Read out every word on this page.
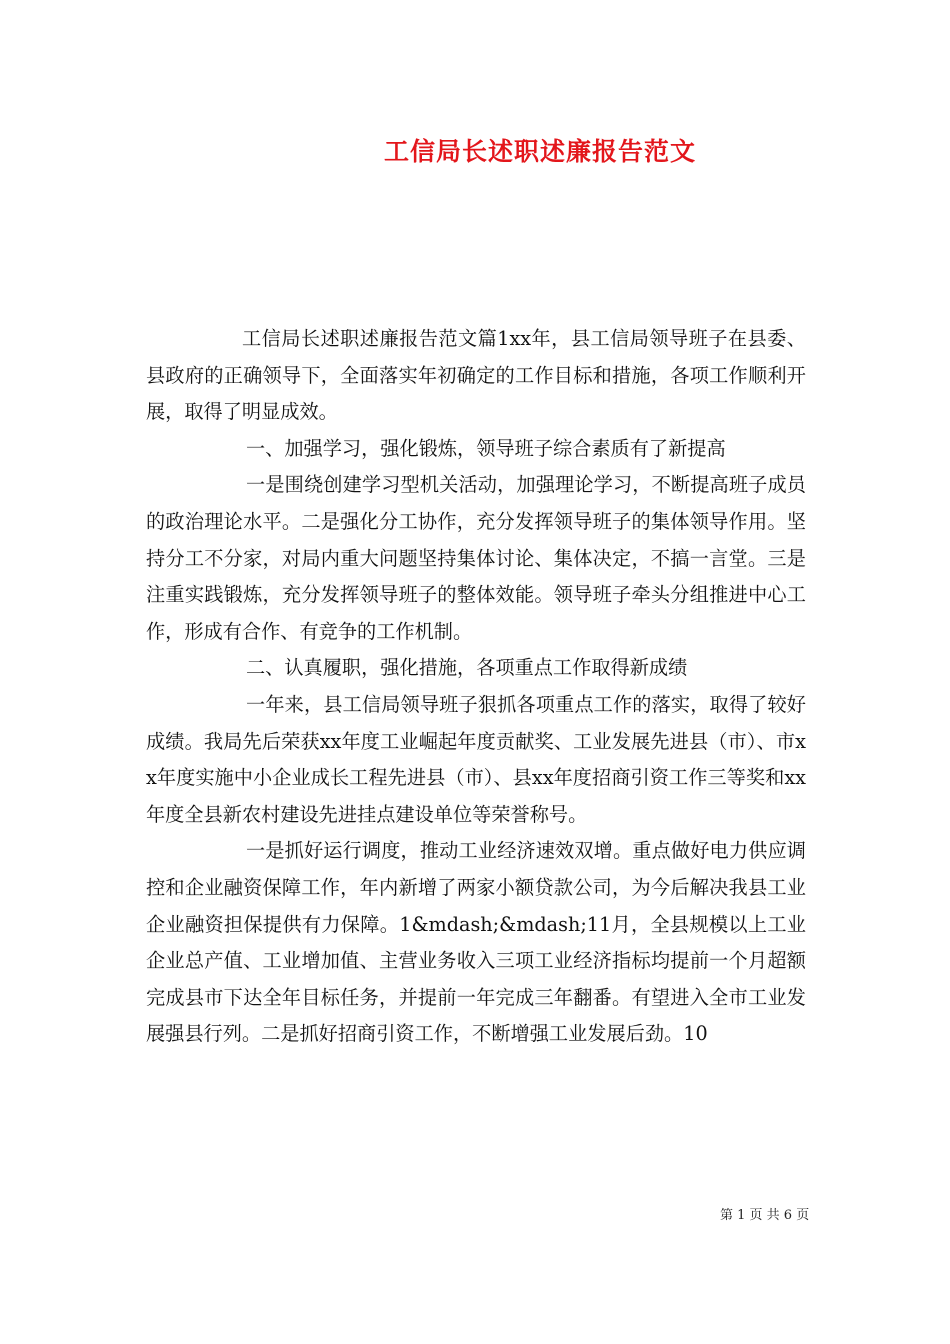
工信局长述职述廉报告范文

工信局长述职述廉报告范文篇1xx年，县工信局领导班子在县委、县政府的正确领导下，全面落实年初确定的工作目标和措施，各项工作顺利开展，取得了明显成效。

一、加强学习，强化锻炼，领导班子综合素质有了新提高

一是围绕创建学习型机关活动，加强理论学习，不断提高班子成员的政治理论水平。二是强化分工协作，充分发挥领导班子的集体领导作用。坚持分工不分家，对局内重大问题坚持集体讨论、集体决定，不搞一言堂。三是注重实践锻炼，充分发挥领导班子的整体效能。领导班子牵头分组推进中心工作，形成有合作、有竞争的工作机制。

二、认真履职，强化措施，各项重点工作取得新成绩

一年来，县工信局领导班子狠抓各项重点工作的落实，取得了较好成绩。我局先后荣获xx年度工业崛起年度贡献奖、工业发展先进县（市）、市xx年度实施中小企业成长工程先进县（市）、县xx年度招商引资工作三等奖和xx年度全县新农村建设先进挂点建设单位等荣誉称号。

一是抓好运行调度，推动工业经济速效双增。重点做好电力供应调控和企业融资保障工作，年内新增了两家小额贷款公司，为今后解决我县工业企业融资担保提供有力保障。1&mdash;&mdash;11月，全县规模以上工业企业总产值、工业增加值、主营业务收入三项工业经济指标均提前一个月超额完成县市下达全年目标任务，并提前一年完成三年翻番。有望进入全市工业发展强县行列。二是抓好招商引资工作，不断增强工业发展后劲。10

第 1 页 共 6 页
